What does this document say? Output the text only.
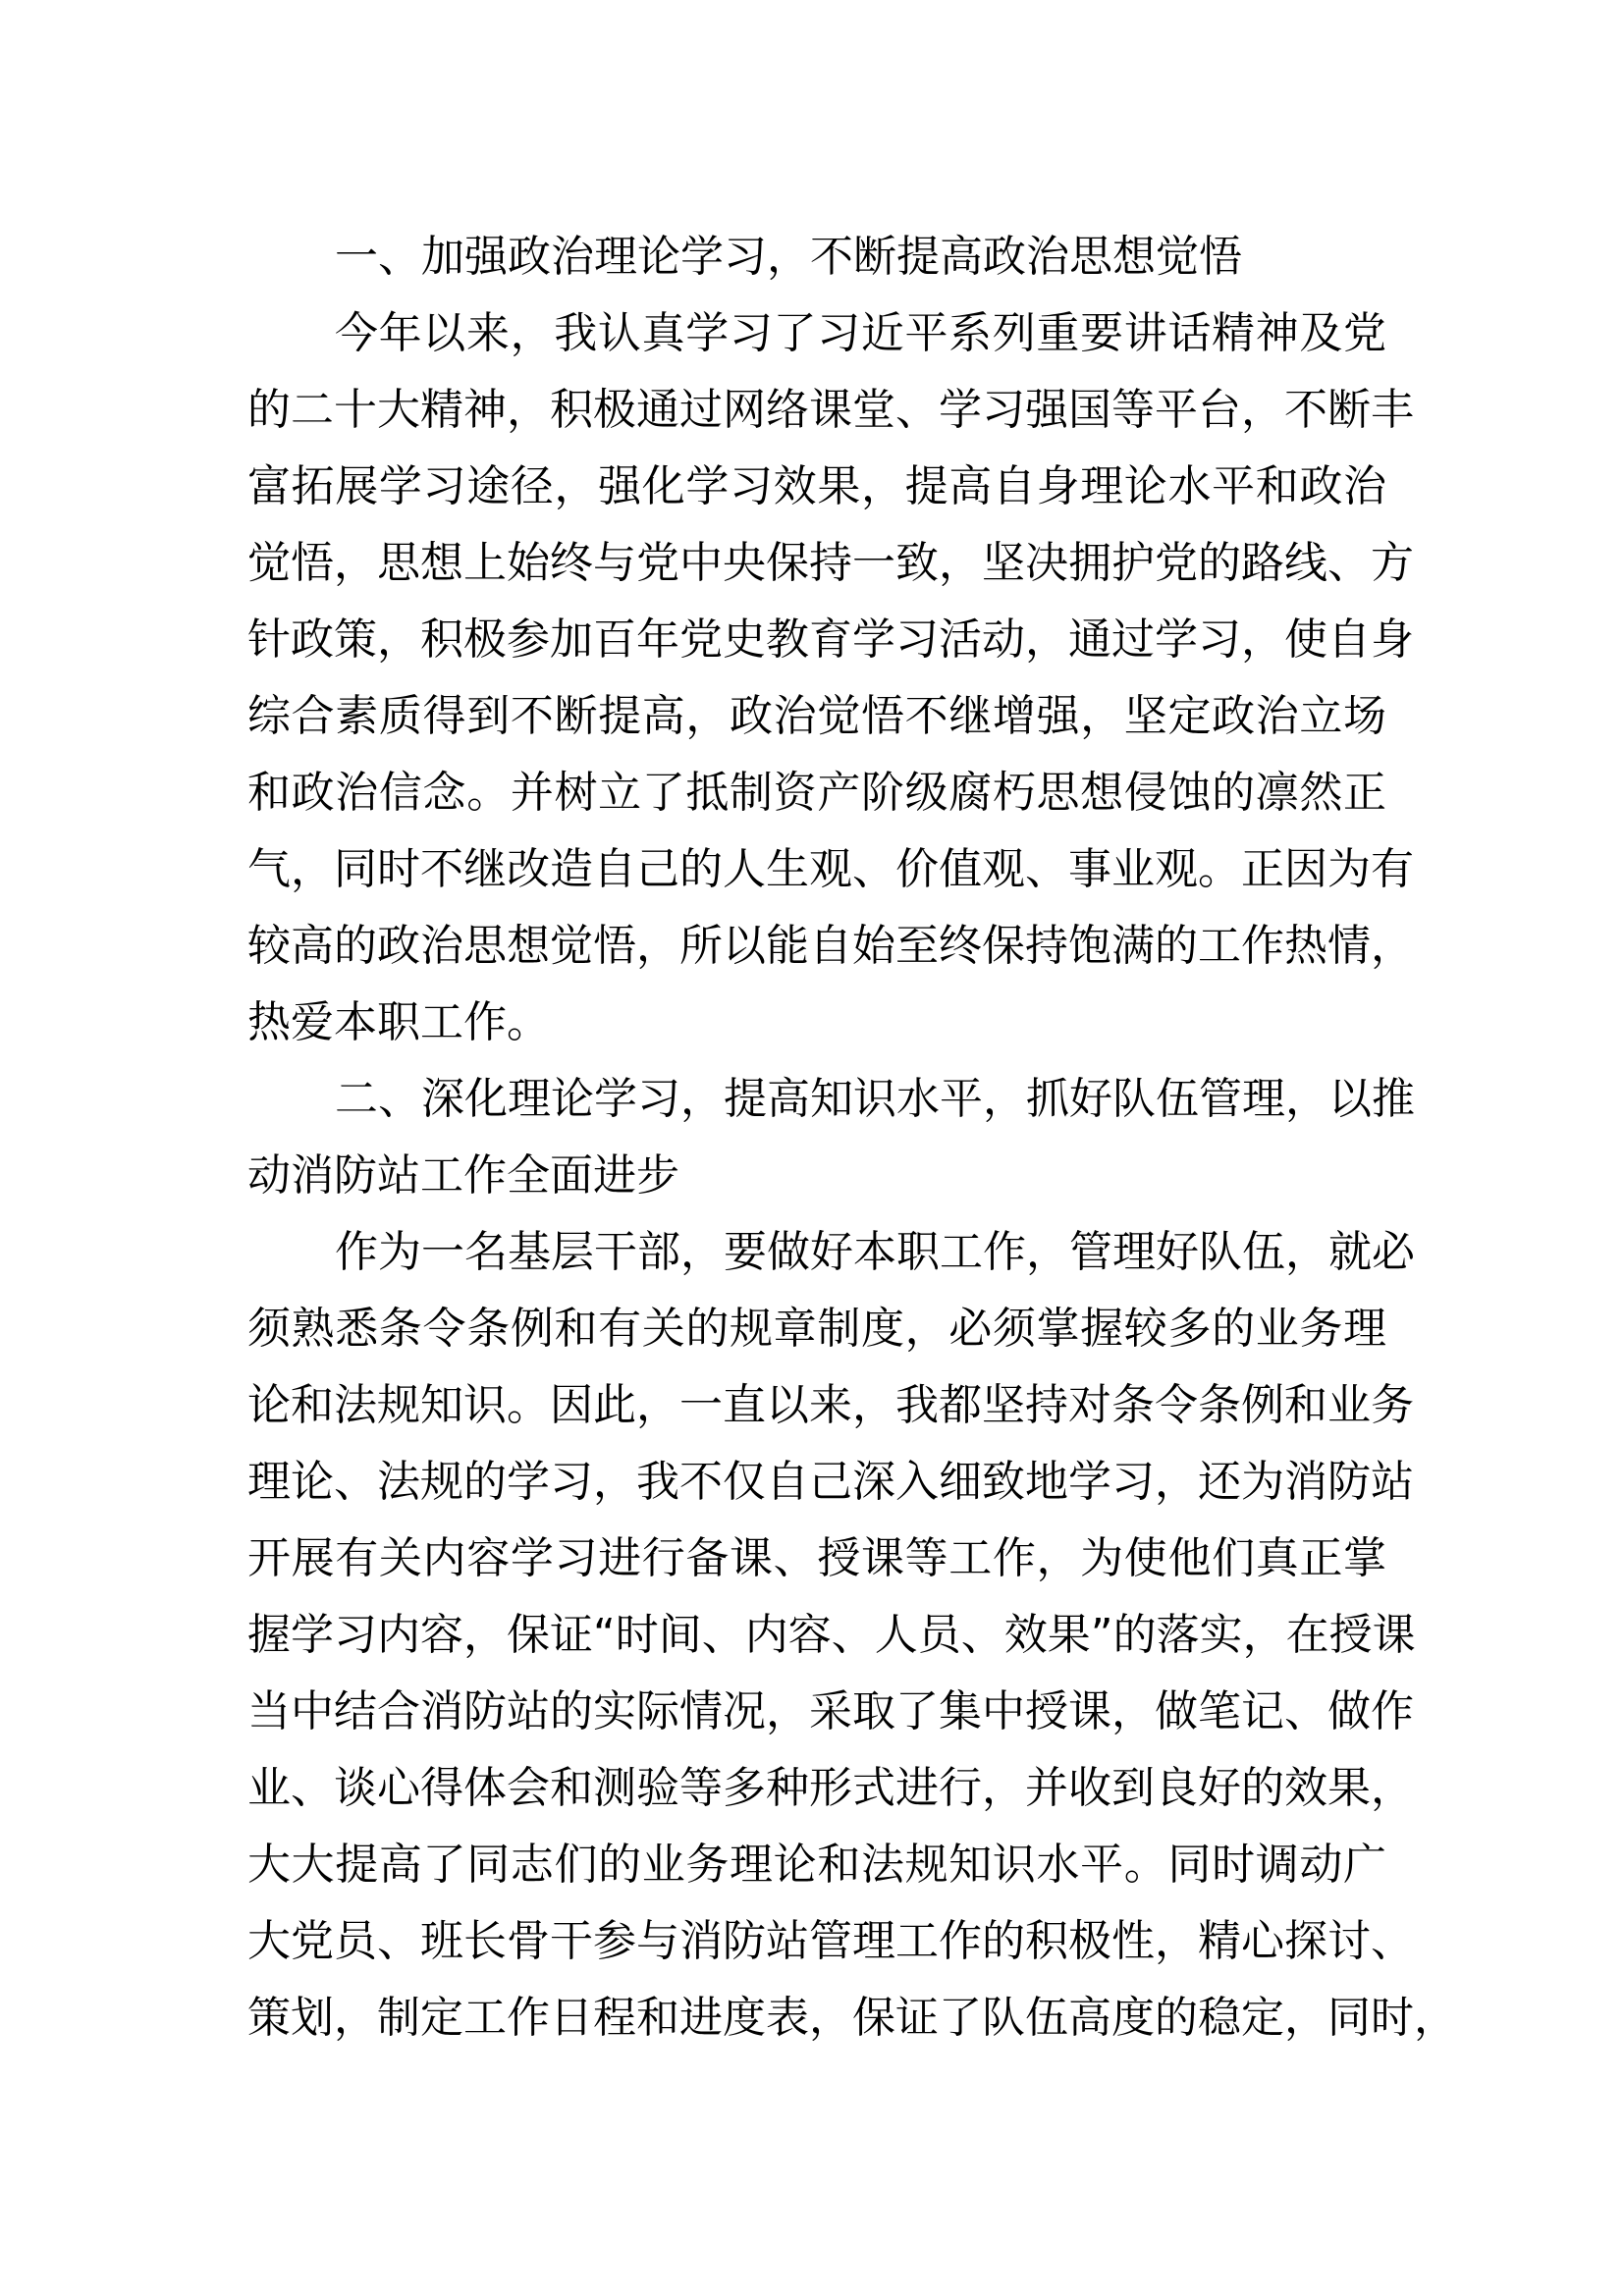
一、加强政治理论学习，不断提高政治思想觉悟
今年以来，我认真学习了习近平系列重要讲话精神及党
的二十大精神，积极通过网络课堂、学习强国等平台，不断丰
富拓展学习途径，强化学习效果，提高自身理论水平和政治
觉悟，思想上始终与党中央保持一致，坚决拥护党的路线、方
针政策，积极参加百年党史教育学习活动，通过学习，使自身
综合素质得到不断提高，政治觉悟不继增强，坚定政治立场
和政治信念。并树立了抵制资产阶级腐朽思想侵蚀的凛然正
气，同时不继改造自己的人生观、价值观、事业观。正因为有
较高的政治思想觉悟，所以能自始至终保持饱满的工作热情，
热爱本职工作。
二、深化理论学习，提高知识水平，抓好队伍管理，以推
动消防站工作全面进步
作为一名基层干部，要做好本职工作，管理好队伍，就必
须熟悉条令条例和有关的规章制度，必须掌握较多的业务理
论和法规知识。因此，一直以来，我都坚持对条令条例和业务
理论、法规的学习，我不仅自己深入细致地学习，还为消防站
开展有关内容学习进行备课、授课等工作，为使他们真正掌
握学习内容，保证“时间、内容、人员、效果”的落实，在授课
当中结合消防站的实际情况，采取了集中授课，做笔记、做作
业、谈心得体会和测验等多种形式进行，并收到良好的效果，
大大提高了同志们的业务理论和法规知识水平。同时调动广
大党员、班长骨干参与消防站管理工作的积极性，精心探讨、
策划，制定工作日程和进度表，保证了队伍高度的稳定，同时，
